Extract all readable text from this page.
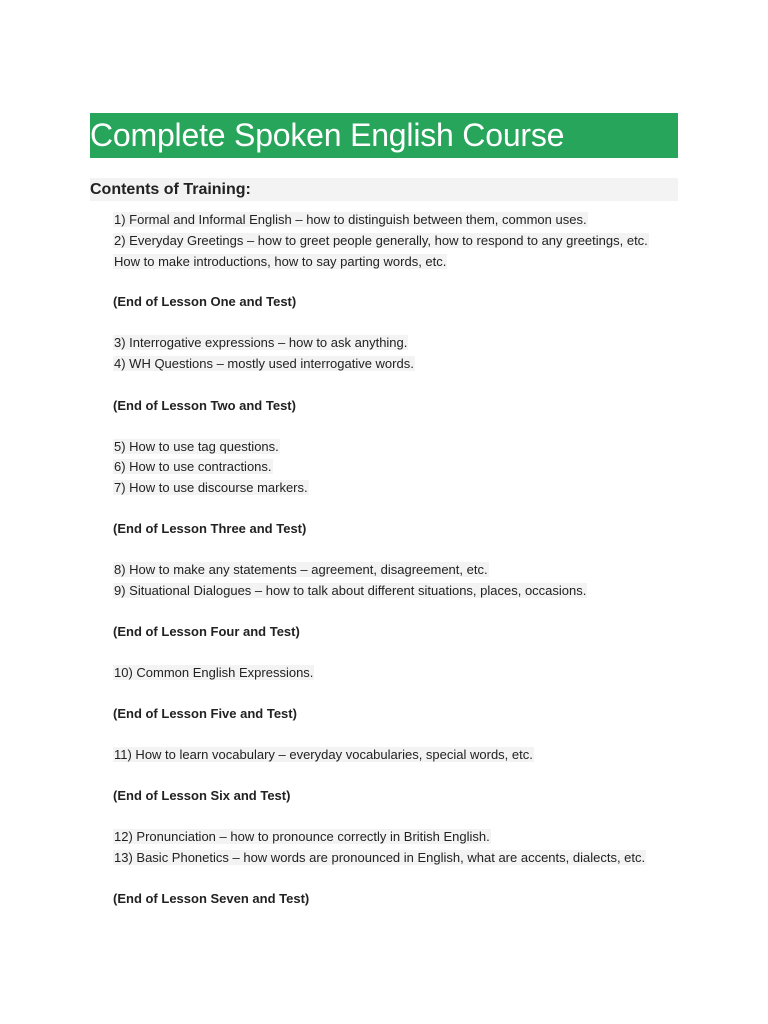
Complete Spoken English Course
Contents of Training:
1) Formal and Informal English – how to distinguish between them, common uses.
2) Everyday Greetings – how to greet people generally, how to respond to any greetings, etc.
How to make introductions, how to say parting words, etc.
(End of Lesson One and Test)
3) Interrogative expressions – how to ask anything.
4) WH Questions – mostly used interrogative words.
(End of Lesson Two and Test)
5) How to use tag questions.
6) How to use contractions.
7) How to use discourse markers.
(End of Lesson Three and Test)
8) How to make any statements – agreement, disagreement, etc.
9) Situational Dialogues – how to talk about different situations, places, occasions.
(End of Lesson Four and Test)
10) Common English Expressions.
(End of Lesson Five and Test)
11) How to learn vocabulary – everyday vocabularies, special words, etc.
(End of Lesson Six and Test)
12) Pronunciation – how to pronounce correctly in British English.
13) Basic Phonetics – how words are pronounced in English, what are accents, dialects, etc.
(End of Lesson Seven and Test)
